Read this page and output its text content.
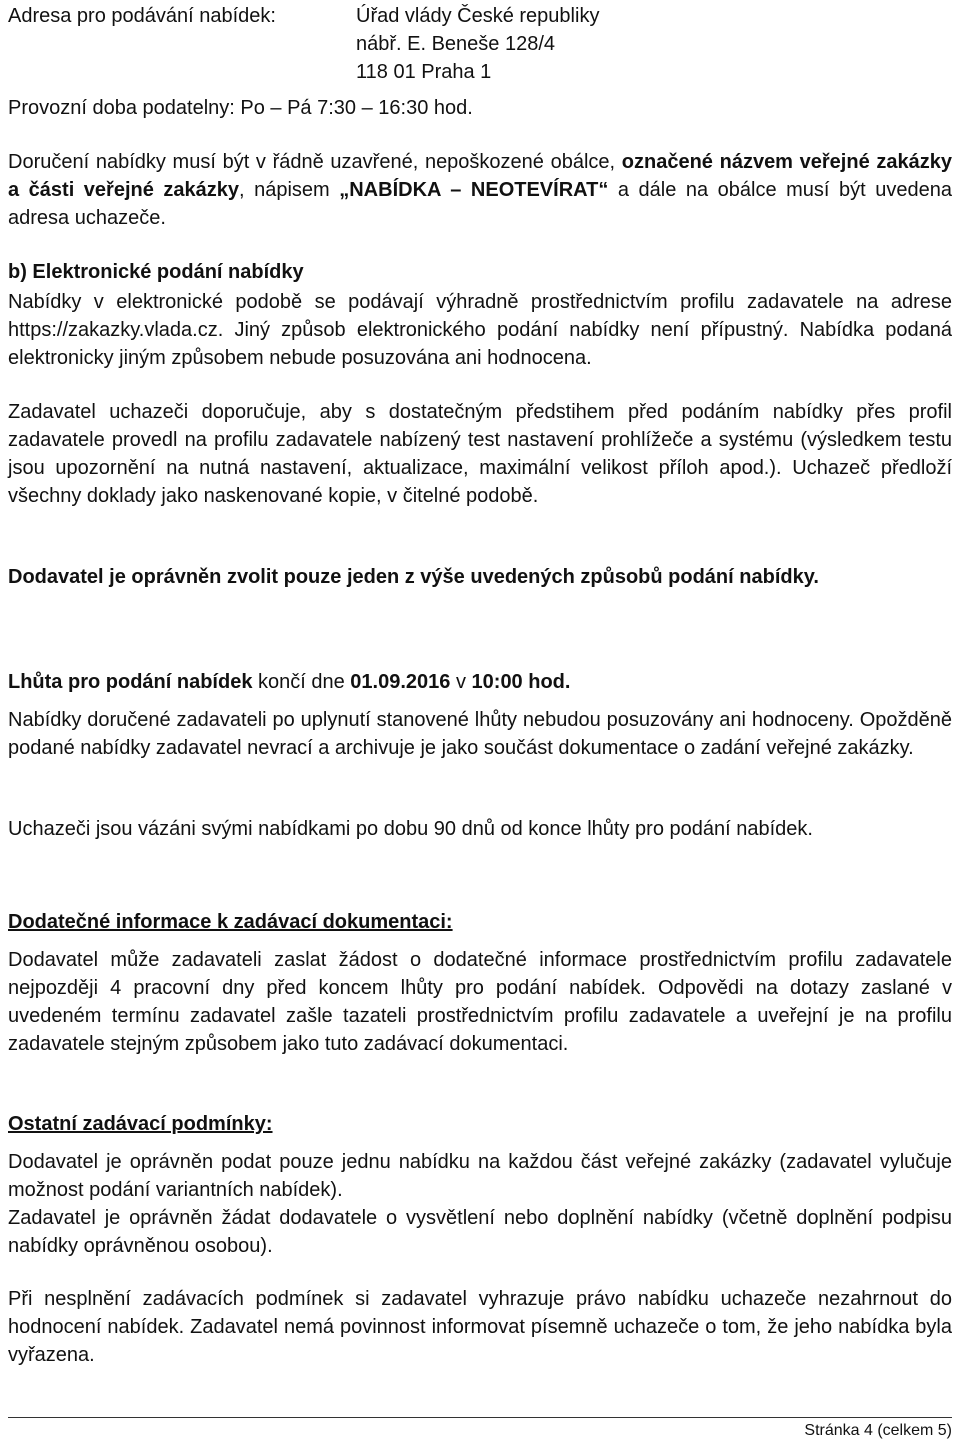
Adresa pro podávání nabídek:	Úřad vlády České republiky
nábř. E. Beneše 128/4
118 01 Praha 1

Provozní doba podatelny: Po – Pá 7:30 – 16:30 hod.

Doručení nabídky musí být v řádně uzavřené, nepoškozené obálce, označené názvem veřejné zakázky a části veřejné zakázky, nápisem „NABÍDKA – NEOTEVÍRAT“ a dále na obálce musí být uvedena adresa uchazeče.

b) Elektronické podání nabídky

Nabídky v elektronické podobě se podávají výhradně prostřednictvím profilu zadavatele na adrese https://zakazky.vlada.cz. Jiný způsob elektronického podání nabídky není přípustný. Nabídka podaná elektronicky jiným způsobem nebude posuzována ani hodnocena.

Zadavatel uchazeči doporučuje, aby s dostatečným předstihem před podáním nabídky přes profil zadavatele provedl na profilu zadavatele nabízený test nastavení prohlížeče a systému (výsledkem testu jsou upozornění na nutná nastavení, aktualizace, maximální velikost příloh apod.). Uchazeč předloží všechny doklady jako naskenované kopie, v čitelné podobě.

Dodavatel je oprávněn zvolit pouze jeden z výše uvedených způsobů podání nabídky.

Lhůta pro podání nabídek končí dne 01.09.2016 v 10:00 hod.

Nabídky doručené zadavateli po uplynutí stanovené lhůty nebudou posuzovány ani hodnoceny. Opožděně podané nabídky zadavatel nevrací a archivuje je jako součást dokumentace o zadání veřejné zakázky.

Uchazeči jsou vázáni svými nabídkami po dobu 90 dnů od konce lhůty pro podání nabídek.

Dodatečné informace k zadávací dokumentaci:

Dodavatel může zadavateli zaslat žádost o dodatečné informace prostřednictvím profilu zadavatele nejpozději 4 pracovní dny před koncem lhůty pro podání nabídek. Odpovědi na dotazy zaslané v uvedeném termínu zadavatel zašle tazateli prostřednictvím profilu zadavatele a uveřejní je na profilu zadavatele stejným způsobem jako tuto zadávací dokumentaci.

Ostatní zadávací podmínky:

Dodavatel je oprávněn podat pouze jednu nabídku na každou část veřejné zakázky (zadavatel vylučuje možnost podání variantních nabídek).

Zadavatel je oprávněn žádat dodavatele o vysvětlení nebo doplnění nabídky (včetně doplnění podpisu nabídky oprávněnou osobou).

Při nesplnění zadávacích podmínek si zadavatel vyhrazuje právo nabídku uchazeče nezahrnout do hodnocení nabídek. Zadavatel nemá povinnost informovat písemně uchazeče o tom, že jeho nabídka byla vyřazena.

Stránka 4 (celkem 5)
